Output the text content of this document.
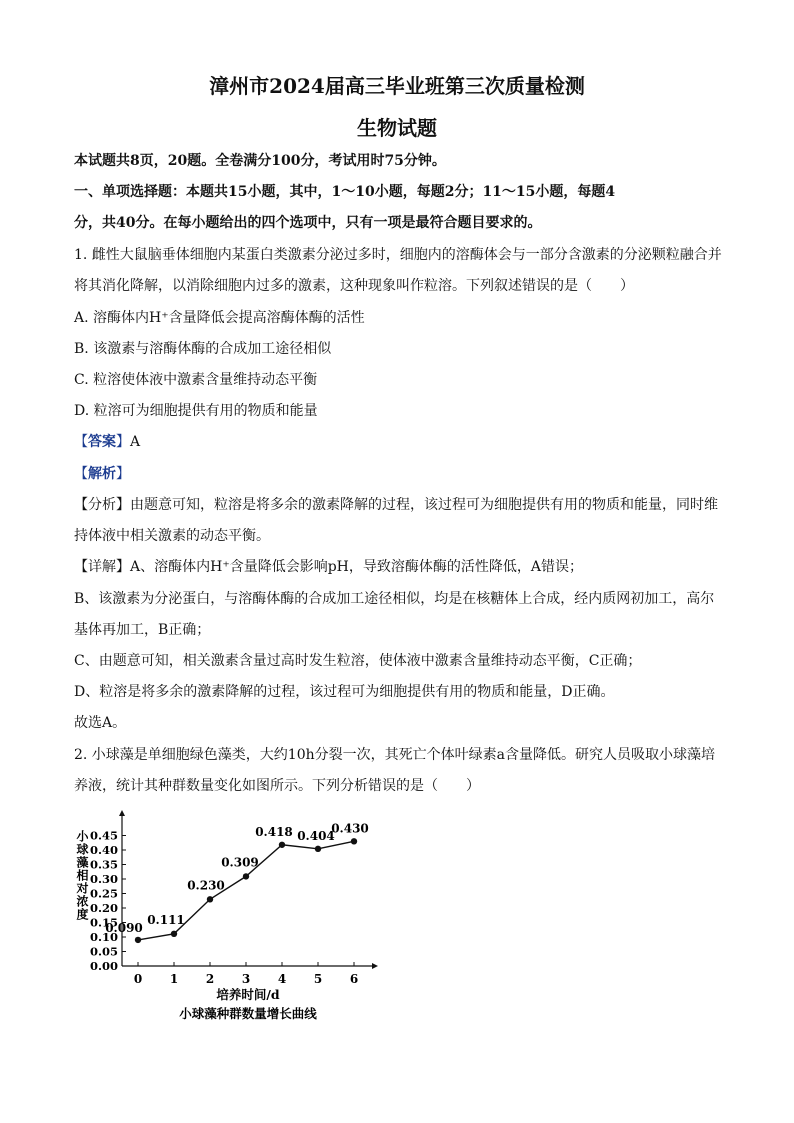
漳州市2024届高三毕业班第三次质量检测
生物试题
本试题共8页，20题。全卷满分100分，考试用时75分钟。
一、单项选择题：本题共15小题，其中，1～10小题，每题2分；11～15小题，每题4
分，共40分。在每小题给出的四个选项中，只有一项是最符合题目要求的。
1. 雌性大鼠脑垂体细胞内某蛋白类激素分泌过多时，细胞内的溶酶体会与一部分含激素的分泌颗粒融合并
将其消化降解，以消除细胞内过多的激素，这种现象叫作粒溶。下列叙述错误的是（　　）
A. 溶酶体内H⁺含量降低会提高溶酶体酶的活性
B. 该激素与溶酶体酶的合成加工途径相似
C. 粒溶使体液中激素含量维持动态平衡
D. 粒溶可为细胞提供有用的物质和能量
【答案】A
【解析】
【分析】由题意可知，粒溶是将多余的激素降解的过程，该过程可为细胞提供有用的物质和能量，同时维
持体液中相关激素的动态平衡。
【详解】A、溶酶体内H⁺含量降低会影响pH，导致溶酶体酶的活性降低，A错误；
B、该激素为分泌蛋白，与溶酶体酶的合成加工途径相似，均是在核糖体上合成，经内质网初加工，高尔
基体再加工，B正确；
C、由题意可知，相关激素含量过高时发生粒溶，使体液中激素含量维持动态平衡，C正确；
D、粒溶是将多余的激素降解的过程，该过程可为细胞提供有用的物质和能量，D正确。
故选A。
2. 小球藻是单细胞绿色藻类，大约10h分裂一次，其死亡个体叶绿素a含量降低。研究人员吸取小球藻培
养液，统计其种群数量变化如图所示。下列分析错误的是（　　）
0.00
0.05
0.10
0.15
0.20
0.25
0.30
0.35
0.40
0.45
0 1 2 3 4 5 6
0.090
0.111
0.230
0.309
0.418 0.404
0.430
小球藻相对浓度
培养时间/d
小球藻种群数量增长曲线
